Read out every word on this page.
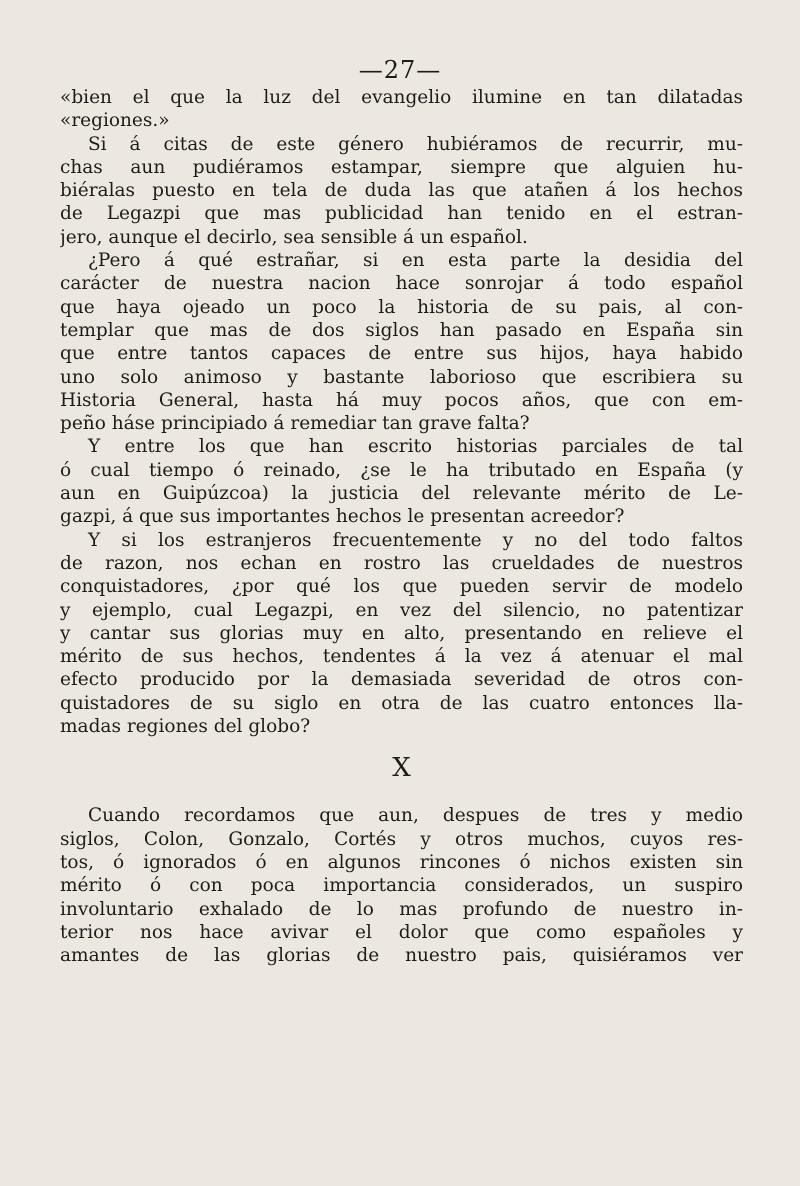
—27—
«bien el que la luz del evangelio ilumine en tan dilatadas
«regiones.»
Si á citas de este género hubiéramos de recurrir, mu-
chas aun pudiéramos estampar, siempre que alguien hu-
biéralas puesto en tela de duda las que atañen á los hechos
de Legazpi que mas publicidad han tenido en el estran-
jero, aunque el decirlo, sea sensible á un español.
¿Pero á qué estrañar, si en esta parte la desidia del
carácter de nuestra nacion hace sonrojar á todo español
que haya ojeado un poco la historia de su pais, al con-
templar que mas de dos siglos han pasado en España sin
que entre tantos capaces de entre sus hijos, haya habido
uno solo animoso y bastante laborioso que escribiera su
Historia General, hasta há muy pocos años, que con em-
peño háse principiado á remediar tan grave falta?
Y entre los que han escrito historias parciales de tal
ó cual tiempo ó reinado, ¿se le ha tributado en España (y
aun en Guipúzcoa) la justicia del relevante mérito de Le-
gazpi, á que sus importantes hechos le presentan acreedor?
Y si los estranjeros frecuentemente y no del todo faltos
de razon, nos echan en rostro las crueldades de nuestros
conquistadores, ¿por qué los que pueden servir de modelo
y ejemplo, cual Legazpi, en vez del silencio, no patentizar
y cantar sus glorias muy en alto, presentando en relieve el
mérito de sus hechos, tendentes á la vez á atenuar el mal
efecto producido por la demasiada severidad de otros con-
quistadores de su siglo en otra de las cuatro entonces lla-
madas regiones del globo?
X
Cuando recordamos que aun, despues de tres y medio
siglos, Colon, Gonzalo, Cortés y otros muchos, cuyos res-
tos, ó ignorados ó en algunos rincones ó nichos existen sin
mérito ó con poca importancia considerados, un suspiro
involuntario exhalado de lo mas profundo de nuestro in-
terior nos hace avivar el dolor que como españoles y
amantes de las glorias de nuestro pais, quisiéramos ver
